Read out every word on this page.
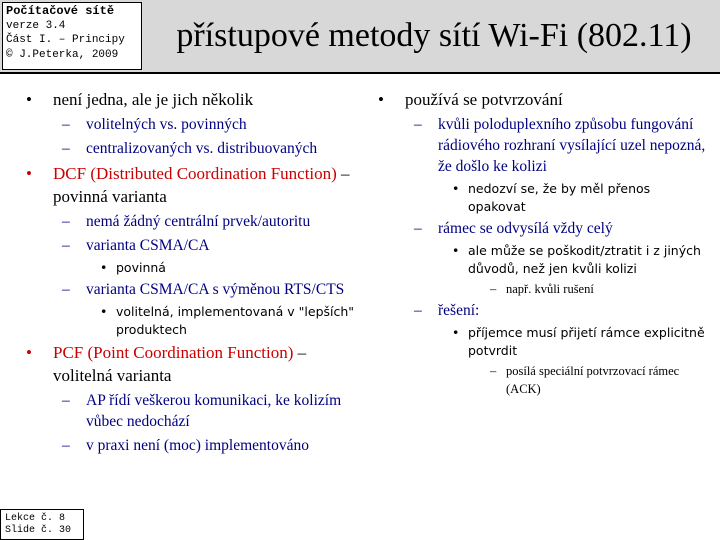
Počítačové sítě
verze 3.4
Část I. – Principy
© J.Peterka, 2009
přístupové metody sítí Wi-Fi (802.11)
• není jedna, ale je jich několik
– volitelných vs. povinných
– centralizovaných vs. distribuovaných
• DCF (Distributed Coordination Function) – povinná varianta
– nemá žádný centrální prvek/autoritu
– varianta CSMA/CA
• povinná
– varianta CSMA/CA s výměnou RTS/CTS
• volitelná, implementovaná v "lepších" produktech
• PCF (Point Coordination Function) – volitelná varianta
– AP řídí veškerou komunikaci, ke kolizím vůbec nedochází
– v praxi není (moc) implementováno
• používá se potvrzování
– kvůli poloduplexního způsobu fungování rádiového rozhraní vysílající uzel nepozná, že došlo ke kolizi
• nedozví se, že by měl přenos opakovat
– rámec se odvysílá vždy celý
• ale může se poškodit/ztratit i z jiných důvodů, než jen kvůli kolizi
– např. kvůli rušení
– řešení:
• příjemce musí přijetí rámce explicitně potvrdit
– posílá speciální potvrzovací rámec (ACK)
Lekce č. 8
Slide č. 30
